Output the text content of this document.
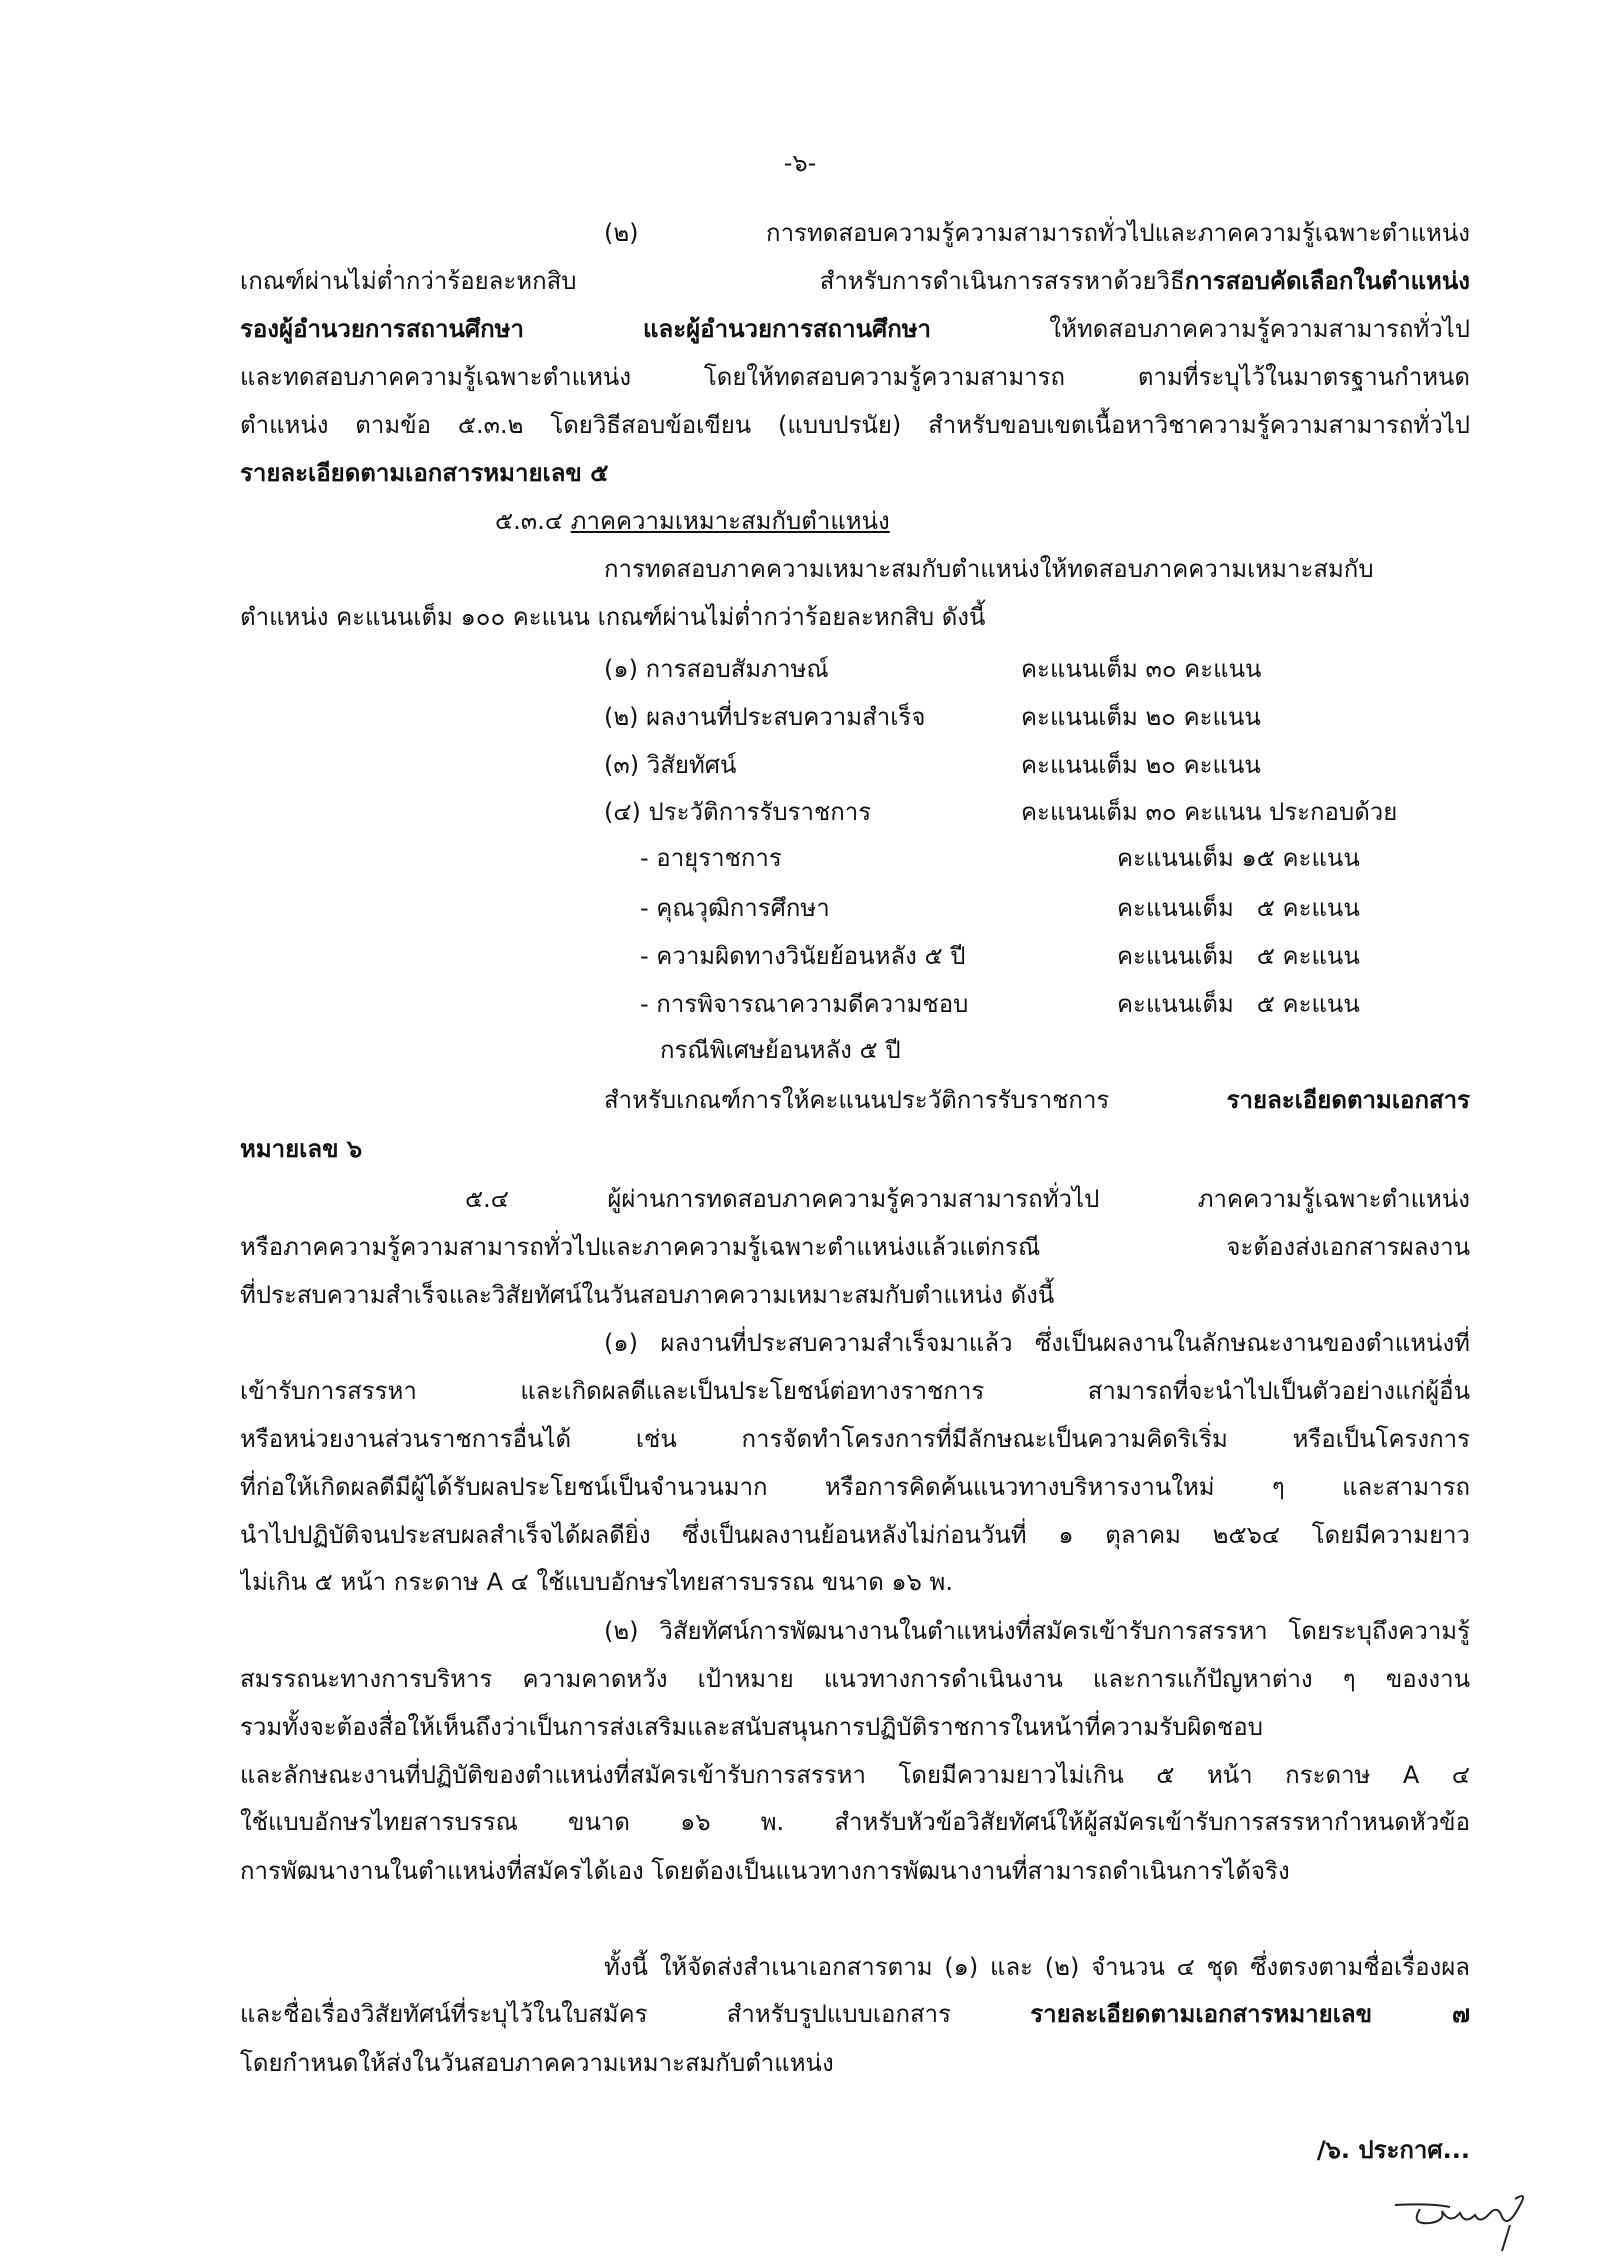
-๖-
(๒) การทดสอบความรู้ความสามารถทั่วไปและภาคความรู้เฉพาะตำแหน่ง
เกณฑ์ผ่านไม่ต่ำกว่าร้อยละหกสิบ สำหรับการดำเนินการสรรหาด้วยวิธีการสอบคัดเลือกในตำแหน่ง
รองผู้อำนวยการสถานศึกษา และผู้อำนวยการสถานศึกษา ให้ทดสอบภาคความรู้ความสามารถทั่วไป
และทดสอบภาคความรู้เฉพาะตำแหน่ง โดยให้ทดสอบความรู้ความสามารถ ตามที่ระบุไว้ในมาตรฐานกำหนด
ตำแหน่ง ตามข้อ ๕.๓.๒ โดยวิธีสอบข้อเขียน (แบบปรนัย) สำหรับขอบเขตเนื้อหาวิชาความรู้ความสามารถทั่วไป
รายละเอียดตามเอกสารหมายเลข ๕
๕.๓.๔ ภาคความเหมาะสมกับตำแหน่ง
การทดสอบภาคความเหมาะสมกับตำแหน่งให้ทดสอบภาคความเหมาะสมกับ
ตำแหน่ง คะแนนเต็ม ๑๐๐ คะแนน เกณฑ์ผ่านไม่ต่ำกว่าร้อยละหกสิบ ดังนี้
(๑) การสอบสัมภาษณ์	คะแนนเต็ม ๓๐ คะแนน
(๒) ผลงานที่ประสบความสำเร็จ	คะแนนเต็ม ๒๐ คะแนน
(๓) วิสัยทัศน์	คะแนนเต็ม ๒๐ คะแนน
(๔) ประวัติการรับราชการ	คะแนนเต็ม ๓๐ คะแนน ประกอบด้วย
- อายุราชการ	คะแนนเต็ม ๑๕ คะแนน
- คุณวุฒิการศึกษา	คะแนนเต็ม   ๕ คะแนน
- ความผิดทางวินัยย้อนหลัง ๕ ปี	คะแนนเต็ม   ๕ คะแนน
- การพิจารณาความดีความชอบ	คะแนนเต็ม   ๕ คะแนน
กรณีพิเศษย้อนหลัง ๕ ปี
สำหรับเกณฑ์การให้คะแนนประวัติการรับราชการ รายละเอียดตามเอกสาร
หมายเลข ๖
๕.๔ ผู้ผ่านการทดสอบภาคความรู้ความสามารถทั่วไป ภาคความรู้เฉพาะตำแหน่ง
หรือภาคความรู้ความสามารถทั่วไปและภาคความรู้เฉพาะตำแหน่งแล้วแต่กรณี จะต้องส่งเอกสารผลงาน
ที่ประสบความสำเร็จและวิสัยทัศน์ในวันสอบภาคความเหมาะสมกับตำแหน่ง ดังนี้
(๑) ผลงานที่ประสบความสำเร็จมาแล้ว ซึ่งเป็นผลงานในลักษณะงานของตำแหน่งที่
เข้ารับการสรรหา และเกิดผลดีและเป็นประโยชน์ต่อทางราชการ สามารถที่จะนำไปเป็นตัวอย่างแก่ผู้อื่น
หรือหน่วยงานส่วนราชการอื่นได้ เช่น การจัดทำโครงการที่มีลักษณะเป็นความคิดริเริ่ม หรือเป็นโครงการ
ที่ก่อให้เกิดผลดีมีผู้ได้รับผลประโยชน์เป็นจำนวนมาก หรือการคิดค้นแนวทางบริหารงานใหม่ ๆ และสามารถ
นำไปปฏิบัติจนประสบผลสำเร็จได้ผลดียิ่ง ซึ่งเป็นผลงานย้อนหลังไม่ก่อนวันที่ ๑ ตุลาคม ๒๕๖๔ โดยมีความยาว
ไม่เกิน ๕ หน้า กระดาษ A ๔ ใช้แบบอักษรไทยสารบรรณ ขนาด ๑๖ พ.
(๒) วิสัยทัศน์การพัฒนางานในตำแหน่งที่สมัครเข้ารับการสรรหา โดยระบุถึงความรู้
สมรรถนะทางการบริหาร ความคาดหวัง เป้าหมาย แนวทางการดำเนินงาน และการแก้ปัญหาต่าง ๆ ของงาน
รวมทั้งจะต้องสื่อให้เห็นถึงว่าเป็นการส่งเสริมและสนับสนุนการปฏิบัติราชการในหน้าที่ความรับผิดชอบ
และลักษณะงานที่ปฏิบัติของตำแหน่งที่สมัครเข้ารับการสรรหา โดยมีความยาวไม่เกิน ๕ หน้า กระดาษ A ๔
ใช้แบบอักษรไทยสารบรรณ ขนาด ๑๖ พ. สำหรับหัวข้อวิสัยทัศน์ให้ผู้สมัครเข้ารับการสรรหากำหนดหัวข้อ
การพัฒนางานในตำแหน่งที่สมัครได้เอง โดยต้องเป็นแนวทางการพัฒนางานที่สามารถดำเนินการได้จริง
ทั้งนี้ ให้จัดส่งสำเนาเอกสารตาม (๑) และ (๒) จำนวน ๔ ชุด ซึ่งตรงตามชื่อเรื่องผล
และชื่อเรื่องวิสัยทัศน์ที่ระบุไว้ในใบสมัคร สำหรับรูปแบบเอกสาร รายละเอียดตามเอกสารหมายเลข ๗
โดยกำหนดให้ส่งในวันสอบภาคความเหมาะสมกับตำแหน่ง
/๖. ประกาศ...
